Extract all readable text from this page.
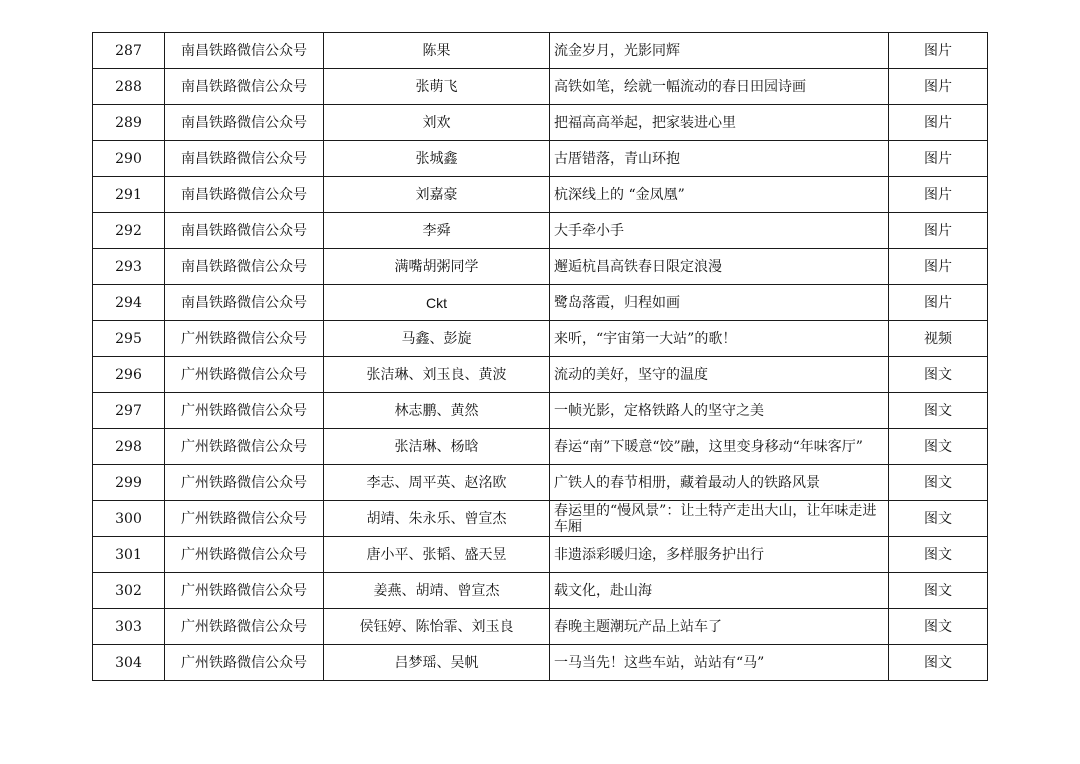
287	南昌铁路微信公众号	陈果	流金岁月，光影同辉	图片
288	南昌铁路微信公众号	张萌飞	高铁如笔，绘就一幅流动的春日田园诗画	图片
289	南昌铁路微信公众号	刘欢	把福高高举起，把家装进心里	图片
290	南昌铁路微信公众号	张城鑫	古厝错落，青山环抱	图片
291	南昌铁路微信公众号	刘嘉豪	杭深线上的 “金凤凰”	图片
292	南昌铁路微信公众号	李舜	大手牵小手	图片
293	南昌铁路微信公众号	满嘴胡粥同学	邂逅杭昌高铁春日限定浪漫	图片
294	南昌铁路微信公众号	Ckt	鹭岛落霞，归程如画	图片
295	广州铁路微信公众号	马鑫、彭旋	来听，“宇宙第一大站”的歌！	视频
296	广州铁路微信公众号	张洁琳、刘玉良、黄波	流动的美好，坚守的温度	图文
297	广州铁路微信公众号	林志鹏、黄然	一帧光影，定格铁路人的坚守之美	图文
298	广州铁路微信公众号	张洁琳、杨晗	春运“南”下暖意“饺”融，这里变身移动“年味客厅”	图文
299	广州铁路微信公众号	李志、周平英、赵洺欧	广铁人的春节相册，藏着最动人的铁路风景	图文
300	广州铁路微信公众号	胡靖、朱永乐、曾宣杰	春运里的“慢风景”：让土特产走出大山，让年味走进车厢	图文
301	广州铁路微信公众号	唐小平、张韬、盛天昱	非遗添彩暖归途，多样服务护出行	图文
302	广州铁路微信公众号	姜燕、胡靖、曾宣杰	载文化，赴山海	图文
303	广州铁路微信公众号	侯钰婷、陈怡霏、刘玉良	春晚主题潮玩产品上站车了	图文
304	广州铁路微信公众号	吕梦瑶、吴帆	一马当先！这些车站，站站有“马”	图文
